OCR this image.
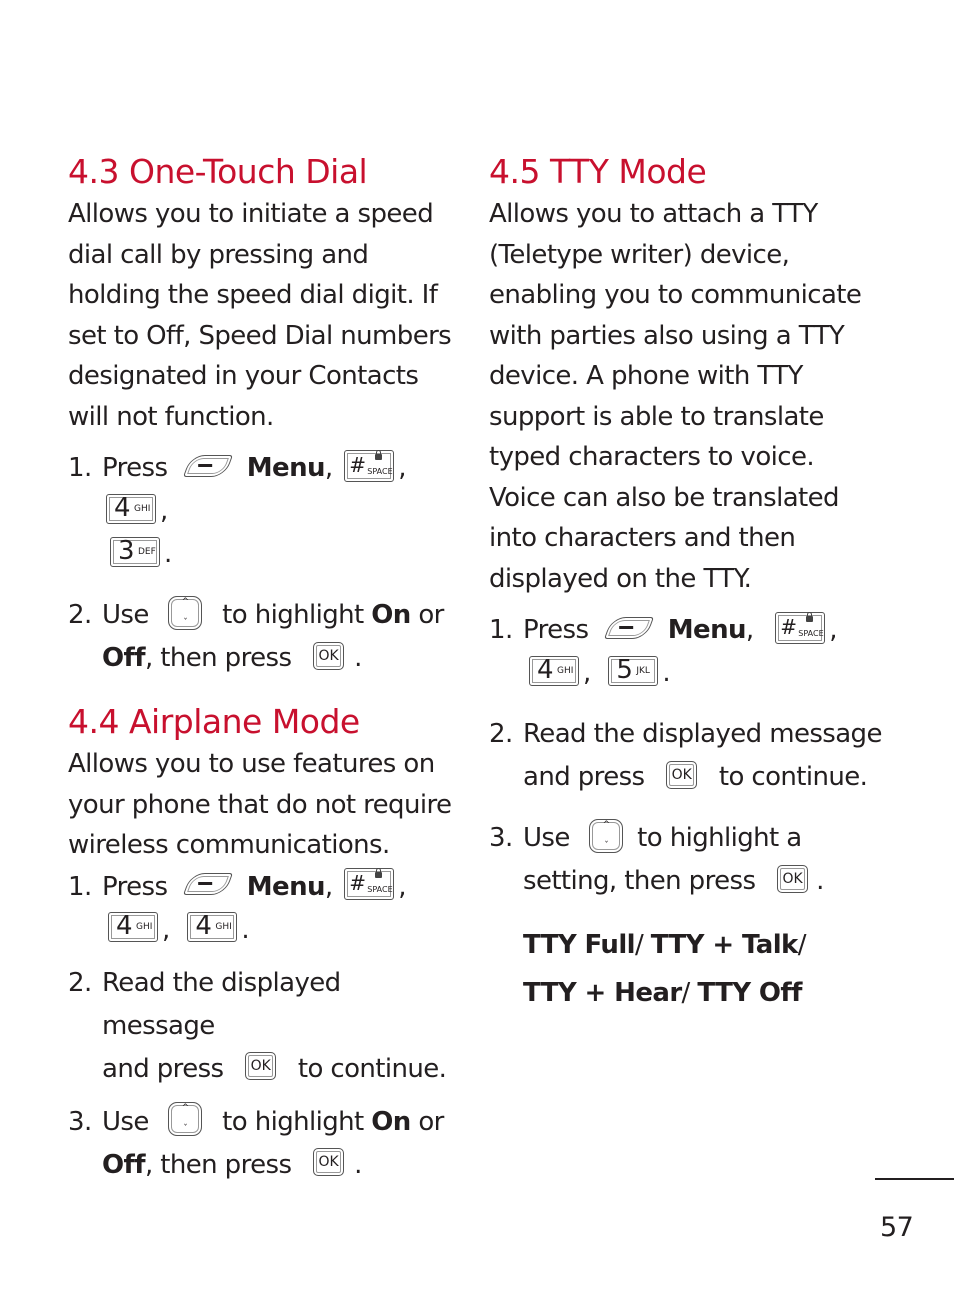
4.3 One-Touch Dial

Allows you to initiate a speed
dial call by pressing and
holding the speed dial digit. If
set to Off, Speed Dial numbers
designated in your Contacts
will not function.

1. Press	Menu, # SPACE ,
4 GHI ,

3 DEF .
2. Use	^
ˇ	to highlight On or
Off, then press	OK .
4.4 Airplane Mode

Allows you to use features on
your phone that do not require
wireless communications.

1. Press	Menu, # SPACE ,

4 GHI , 4 GHI .
2. Read the displayed message
and press	OK to continue.
3. Use	^
ˇ	to highlight On or
Off, then press	OK .
4.5 TTY Mode

Allows you to attach a TTY
(Teletype writer) device,
enabling you to communicate
with parties also using a TTY
device. A phone with TTY
support is able to translate
typed characters to voice.
Voice can also be translated
into characters and then
displayed on the TTY.

1. Press	Menu, # SPACE ,

4 GHI , 5 JKL .
2. Read the displayed message
and press	OK to continue.
3. Use	^
ˇ	to highlight a
setting, then press	OK .
TTY Full/ TTY + Talk/
TTY + Hear/ TTY Off
57
